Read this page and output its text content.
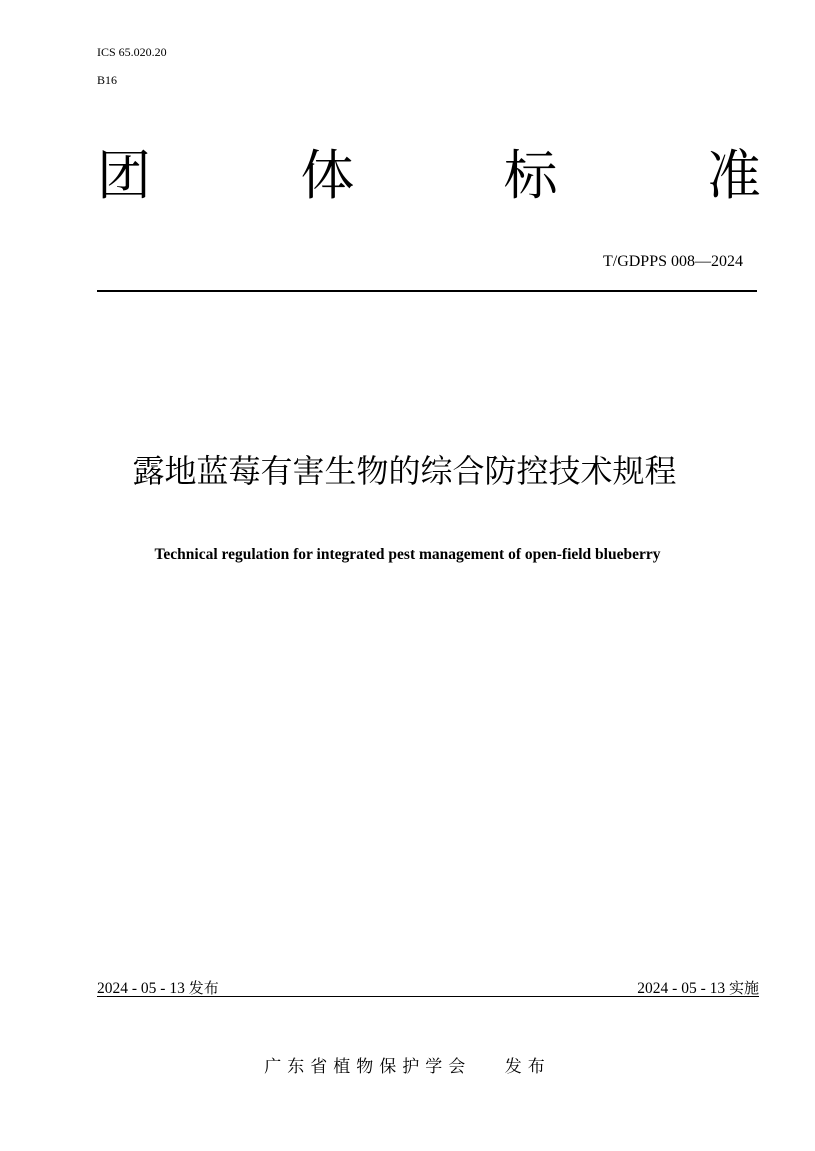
ICS 65.020.20
B16
团	体	标	准
T/GDPPS 008—2024
露地蓝莓有害生物的综合防控技术规程
Technical regulation for integrated pest management of open-field blueberry
2024 - 05 - 13 发布	2024 - 05 - 13 实施
广东省植物保护学会 发布
